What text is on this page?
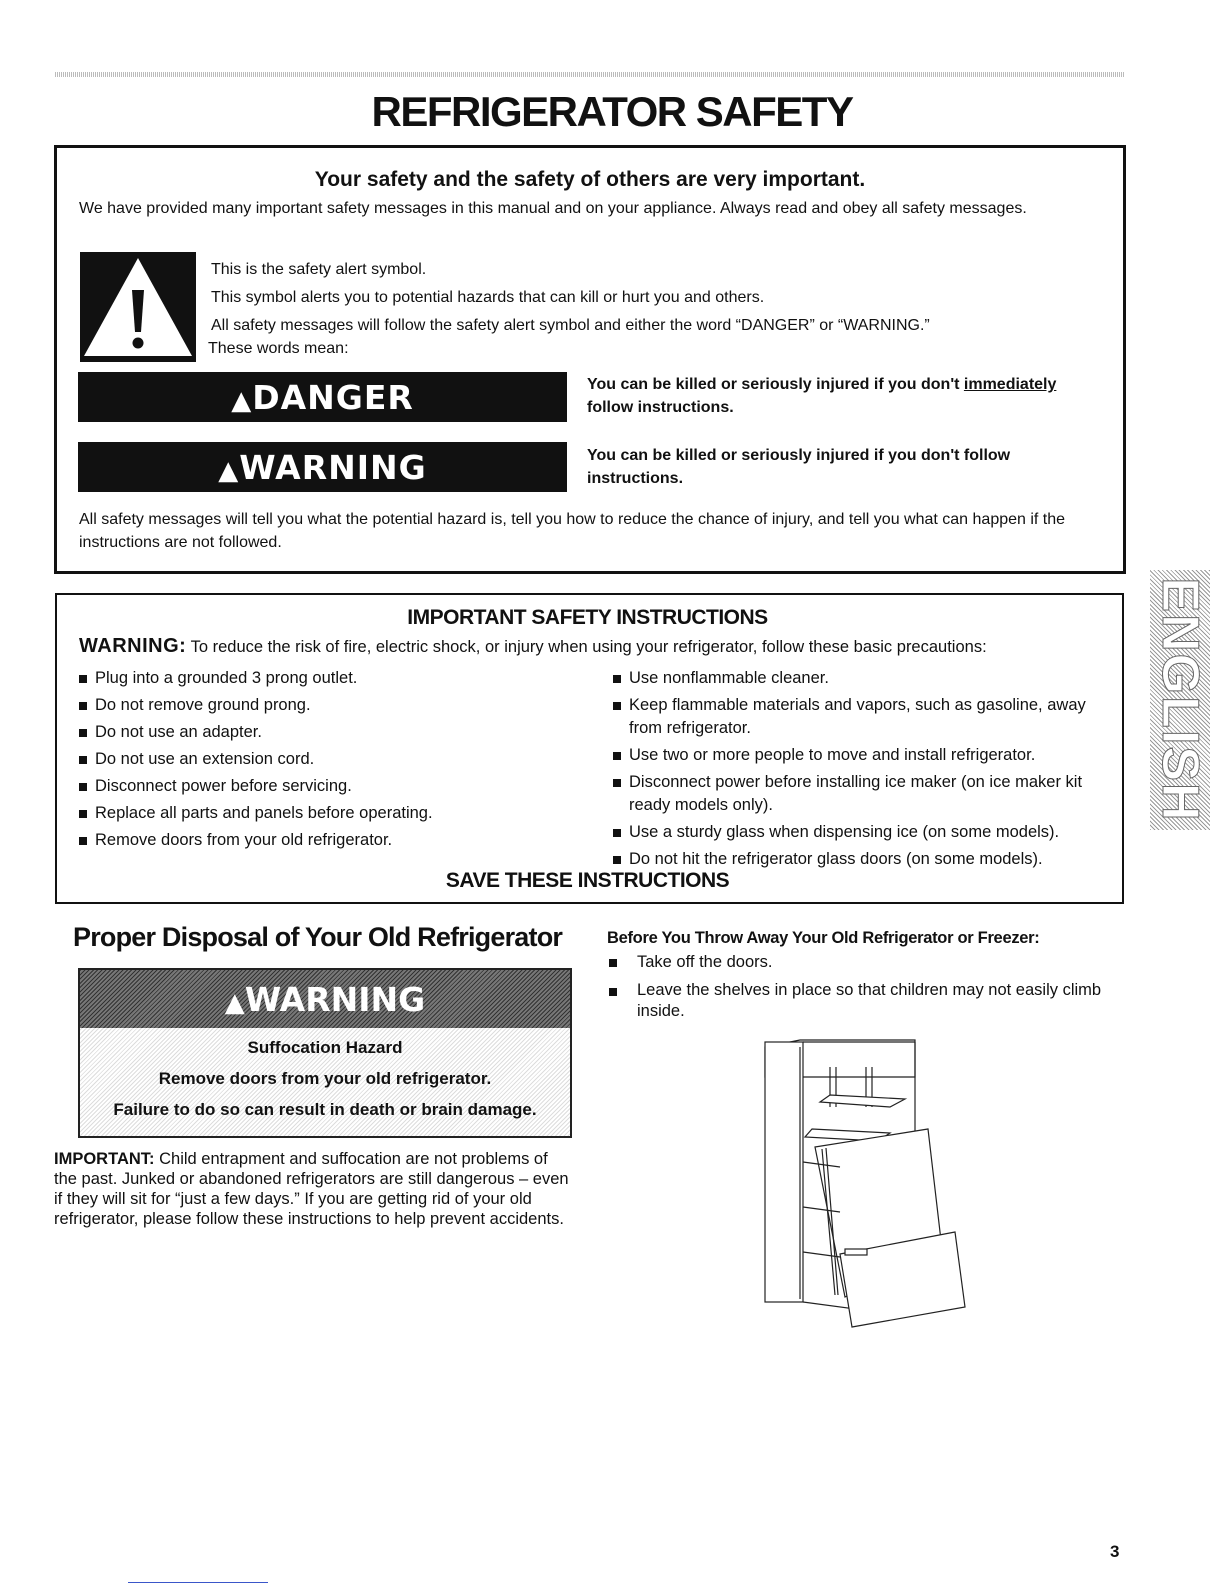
REFRIGERATOR SAFETY
Your safety and the safety of others are very important.
We have provided many important safety messages in this manual and on your appliance. Always read and obey all safety messages.
This is the safety alert symbol.
This symbol alerts you to potential hazards that can kill or hurt you and others.
All safety messages will follow the safety alert symbol and either the word “DANGER” or “WARNING.”
These words mean:
▲DANGER	You can be killed or seriously injured if you don't immediately
follow instructions.
▲WARNING	You can be killed or seriously injured if you don't follow instructions.
All safety messages will tell you what the potential hazard is, tell you how to reduce the chance of injury, and tell you what can happen if the instructions are not followed.
ENGLISH
IMPORTANT SAFETY INSTRUCTIONS
WARNING: To reduce the risk of fire, electric shock, or injury when using your refrigerator, follow these basic precautions:
Plug into a grounded 3 prong outlet.
Do not remove ground prong.
Do not use an adapter.
Do not use an extension cord.
Disconnect power before servicing.
Replace all parts and panels before operating.
Remove doors from your old refrigerator.
Use nonflammable cleaner.
Keep flammable materials and vapors, such as gasoline, away from refrigerator.
Use two or more people to move and install refrigerator.
Disconnect power before installing ice maker (on ice maker kit ready models only).
Use a sturdy glass when dispensing ice (on some models).
Do not hit the refrigerator glass doors (on some models).
SAVE THESE INSTRUCTIONS
Proper Disposal of Your Old Refrigerator
▲WARNING
Suffocation Hazard
Remove doors from your old refrigerator.
Failure to do so can result in death or brain damage.
IMPORTANT: Child entrapment and suffocation are not problems of the past. Junked or abandoned refrigerators are still dangerous – even if they will sit for “just a few days.” If you are getting rid of your old refrigerator, please follow these instructions to help prevent accidents.
Before You Throw Away Your Old Refrigerator or Freezer:
Take off the doors.
Leave the shelves in place so that children may not easily climb inside.
3
